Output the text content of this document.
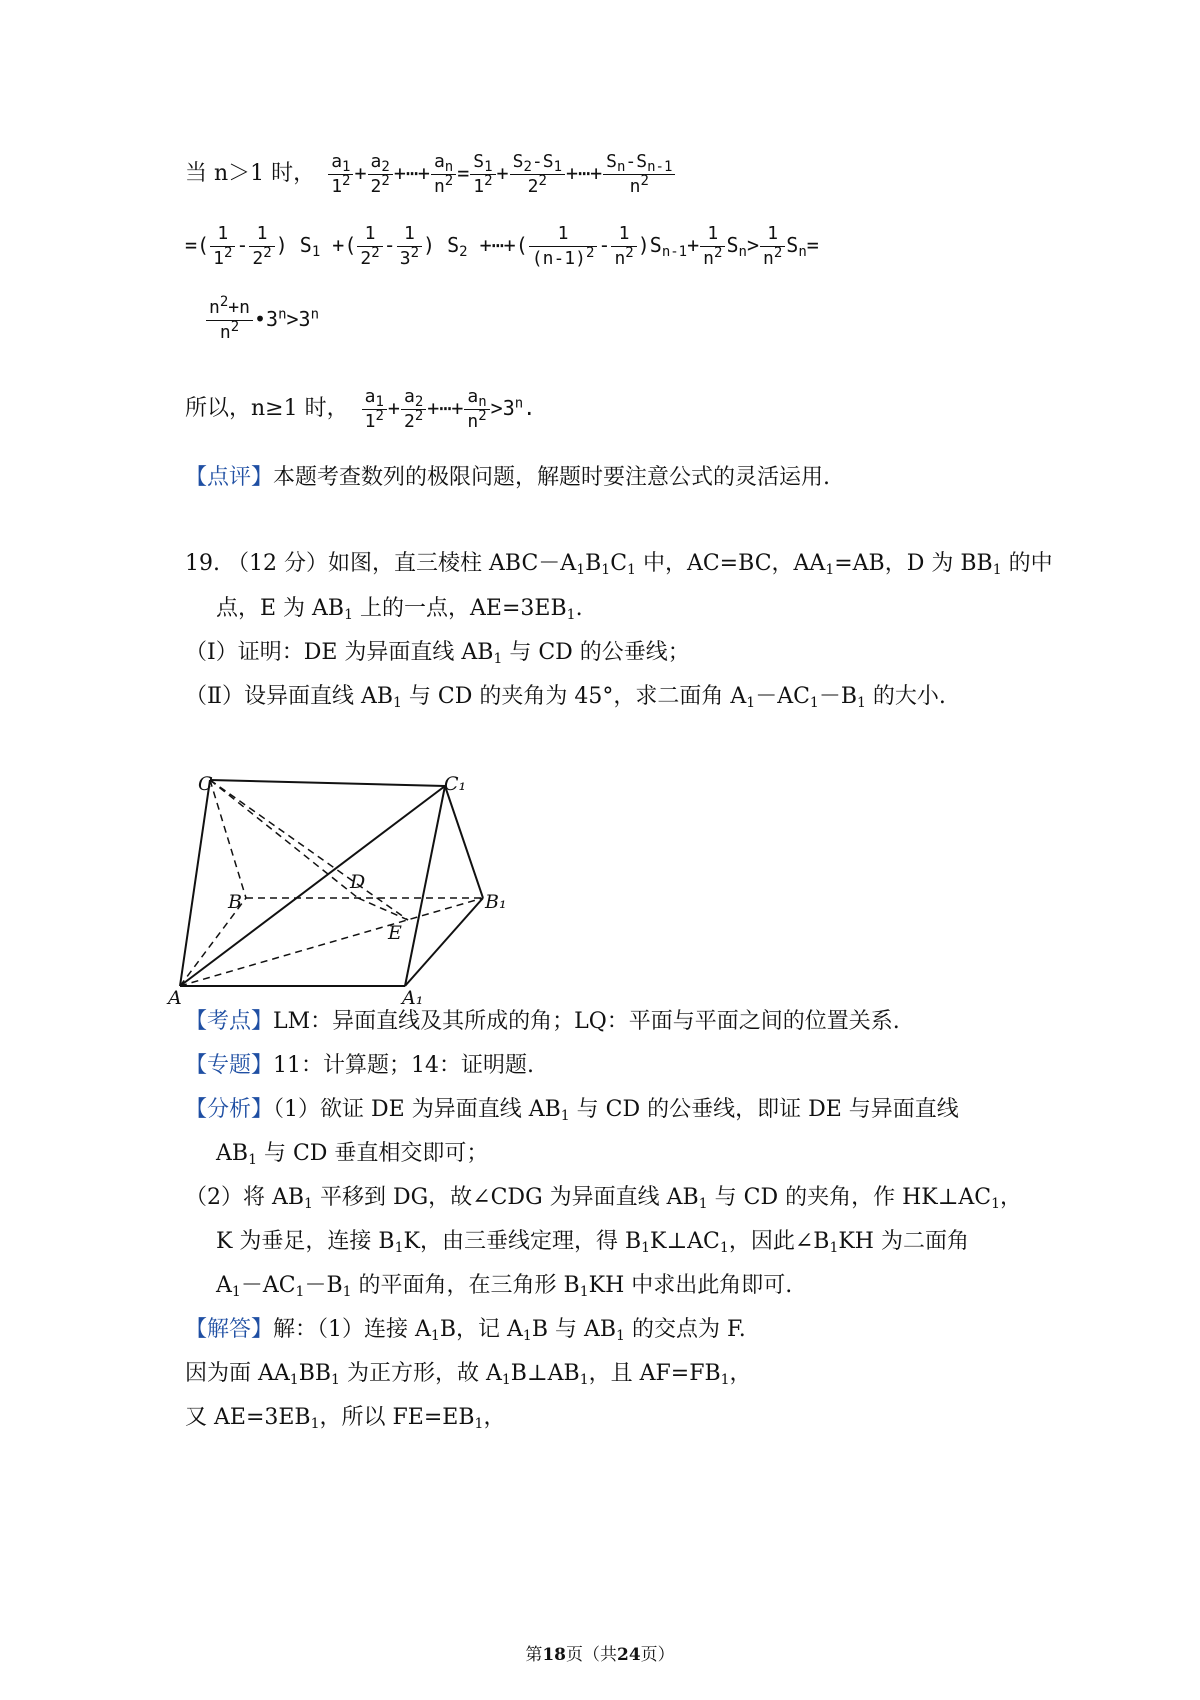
当 n＞1 时， $\frac{a_1}{1^2} + \frac{a_2}{2^2}$ +⋯+ $\frac{a_n}{n^2} = \frac{S_1}{1^2} + \frac{S_2-S_1}{2^2}$ +⋯+ $\frac{S_n-S_{n-1}}{n^2}$
=( $\frac{1}{1^2} - \frac{1}{2^2}$ ) $S_1$ +( $\frac{1}{2^2} - \frac{1}{3^2}$ ) $S_2$ +⋯+( $\frac{1}{(n-1)^2} - \frac{1}{n^2} )S_{n-1}+ \frac{1}{n^2} S_n> \frac{1}{n^2} S_n=$
$\frac{n^2+n}{n^2}$ $•3^n>3^n$
所以，n≥1 时， $\frac{a_1}{1^2} + \frac{a_2}{2^2}$ +⋯+ $\frac{a_n}{n^2} >3^n$.
【点评】本题考查数列的极限问题，解题时要注意公式的灵活运用.
19. （12 分）如图，直三棱柱 $ABC-A_1B_1C_1$ 中，AC=BC，$AA_1=AB$，D 为 $BB_1$ 的中
点，E 为 $AB_1$ 上的一点，$AE=3EB_1$.
（Ⅰ）证明：DE 为异面直线 $AB_1$ 与 CD 的公垂线；
（Ⅱ）设异面直线 $AB_1$ 与 CD 的夹角为 45°，求二面角 $A_1-AC_1-B_1$ 的大小.
C	C₁
B
D
B₁
E
A	A₁
【考点】LM：异面直线及其所成的角；LQ：平面与平面之间的位置关系.
【专题】11：计算题；14：证明题.
【分析】（1）欲证 DE 为异面直线 $AB_1$ 与 CD 的公垂线，即证 DE 与异面直线
$AB_1$ 与 CD 垂直相交即可；
（2）将 $AB_1$ 平移到 DG，故∠CDG 为异面直线 $AB_1$ 与 CD 的夹角，作 $HK\perp AC_1$，
K 为垂足，连接 $B_1K$，由三垂线定理，得 $B_1K\perp AC_1$，因此$\angle B_1KH$ 为二面角
$A_1-AC_1-B_1$ 的平面角，在三角形 $B_1KH$ 中求出此角即可.
【解答】解：（1）连接 $A_1B$，记 $A_1B$ 与 $AB_1$ 的交点为 F.
因为面 $AA_1BB_1$ 为正方形，故 $A_1B\perp AB_1$，且 $AF=FB_1$，
又 $AE=3EB_1$，所以 $FE=EB_1$，
第18页（共24页）
